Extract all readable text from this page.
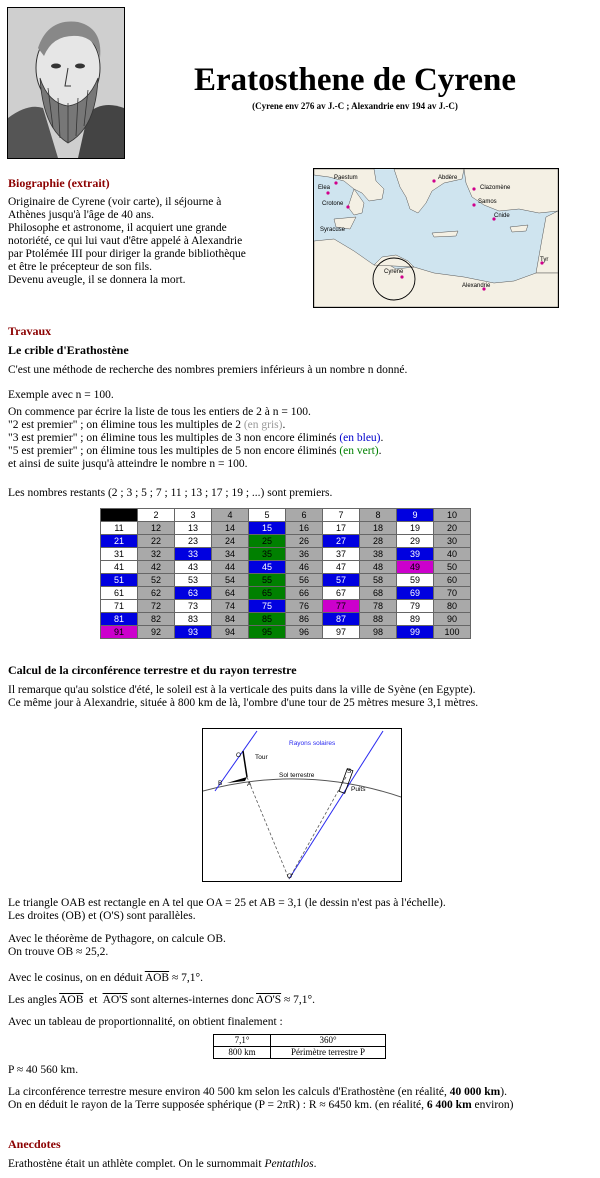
Eratosthene de Cyrene
(Cyrene env 276 av J.-C ; Alexandrie env 194 av J.-C)
Biographie (extrait)

Originaire de Cyrene (voir carte), il séjourne à

Athènes jusqu'à l'âge de 40 ans.

Philosophe et astronome, il acquiert une grande

notoriété, ce qui lui vaut d'être appelé à Alexandrie

par Ptolémée III pour diriger la grande bibliothèque

et être le précepteur de son fils.

Devenu aveugle, il se donnera la mort.

Paestum
Elea
Abdère
Clazomène
Crotone	Samos
Syracuse
Cnide
Cyrene
Tyr
Alexandrie
Travaux
Le crible d'Erathostène
C'est une méthode de recherche des nombres premiers inférieurs à un nombre n donné.
Exemple avec n = 100.

On commence par écrire la liste de tous les entiers de 2 à n = 100.

"2 est premier" ; on élimine tous les multiples de 2 (en gris).

"3 est premier" ; on élimine tous les multiples de 3 non encore éliminés (en bleu).

"5 est premier" ; on élimine tous les multiples de 5 non encore éliminés (en vert).

et ainsi de suite jusqu'à atteindre le nombre n = 100.

Les nombres restants (2 ; 3 ; 5 ; 7 ; 11 ; 13 ; 17 ; 19 ; ...) sont premiers.
	2	3	4	5	6	7	8	9	10
11	12	13	14	15	16	17	18	19	20
21	22	23	24	25	26	27	28	29	30
31	32	33	34	35	36	37	38	39	40
41	42	43	44	45	46	47	48	49	50
51	52	53	54	55	56	57	58	59	60
61	62	63	64	65	66	67	68	69	70
71	72	73	74	75	76	77	78	79	80
81	82	83	84	85	86	87	88	89	90
91	92	93	94	95	96	97	98	99	100
Calcul de la circonférence terrestre et du rayon terrestre

Il remarque qu'au solstice d'été, le soleil est à la verticale des puits dans la ville de Syène (en Egypte).

Ce même jour à Alexandrie, située à 800 km de là, l'ombre d'une tour de 25 mètres mesure 3,1 mètres.

Rayons solaires
Tour
Sol terrestre
Puits
O
B	A
S
O'

Le triangle OAB est rectangle en A tel que OA = 25 et AB = 3,1 (le dessin n'est pas à l'échelle).

Les droites (OB) et (O'S) sont parallèles.

Avec le théorème de Pythagore, on calcule OB.

On trouve OB ≈ 25,2.

Avec le cosinus, on en déduit $\overline{AOB} \approx 7,1^\circ$.

Les angles $\overline{AOB}$  et  AO'S sont alternes-internes donc AO'S ≈ 7,1°.

Avec un tableau de proportionnalité, on obtient finalement :
7,1°	360°
800 km	Périmètre terrestre P
P ≈ 40 560 km.

La circonférence terrestre mesure environ 40 500 km selon les calculs d'Erathostène (en réalité, 40 000 km).

On en déduit le rayon de la Terre supposée sphérique (P = 2πR) : R ≈ 6450 km. (en réalité, 6 400 km environ)

Anecdotes
Erathostène était un athlète complet. On le surnommait Pentathlos.
